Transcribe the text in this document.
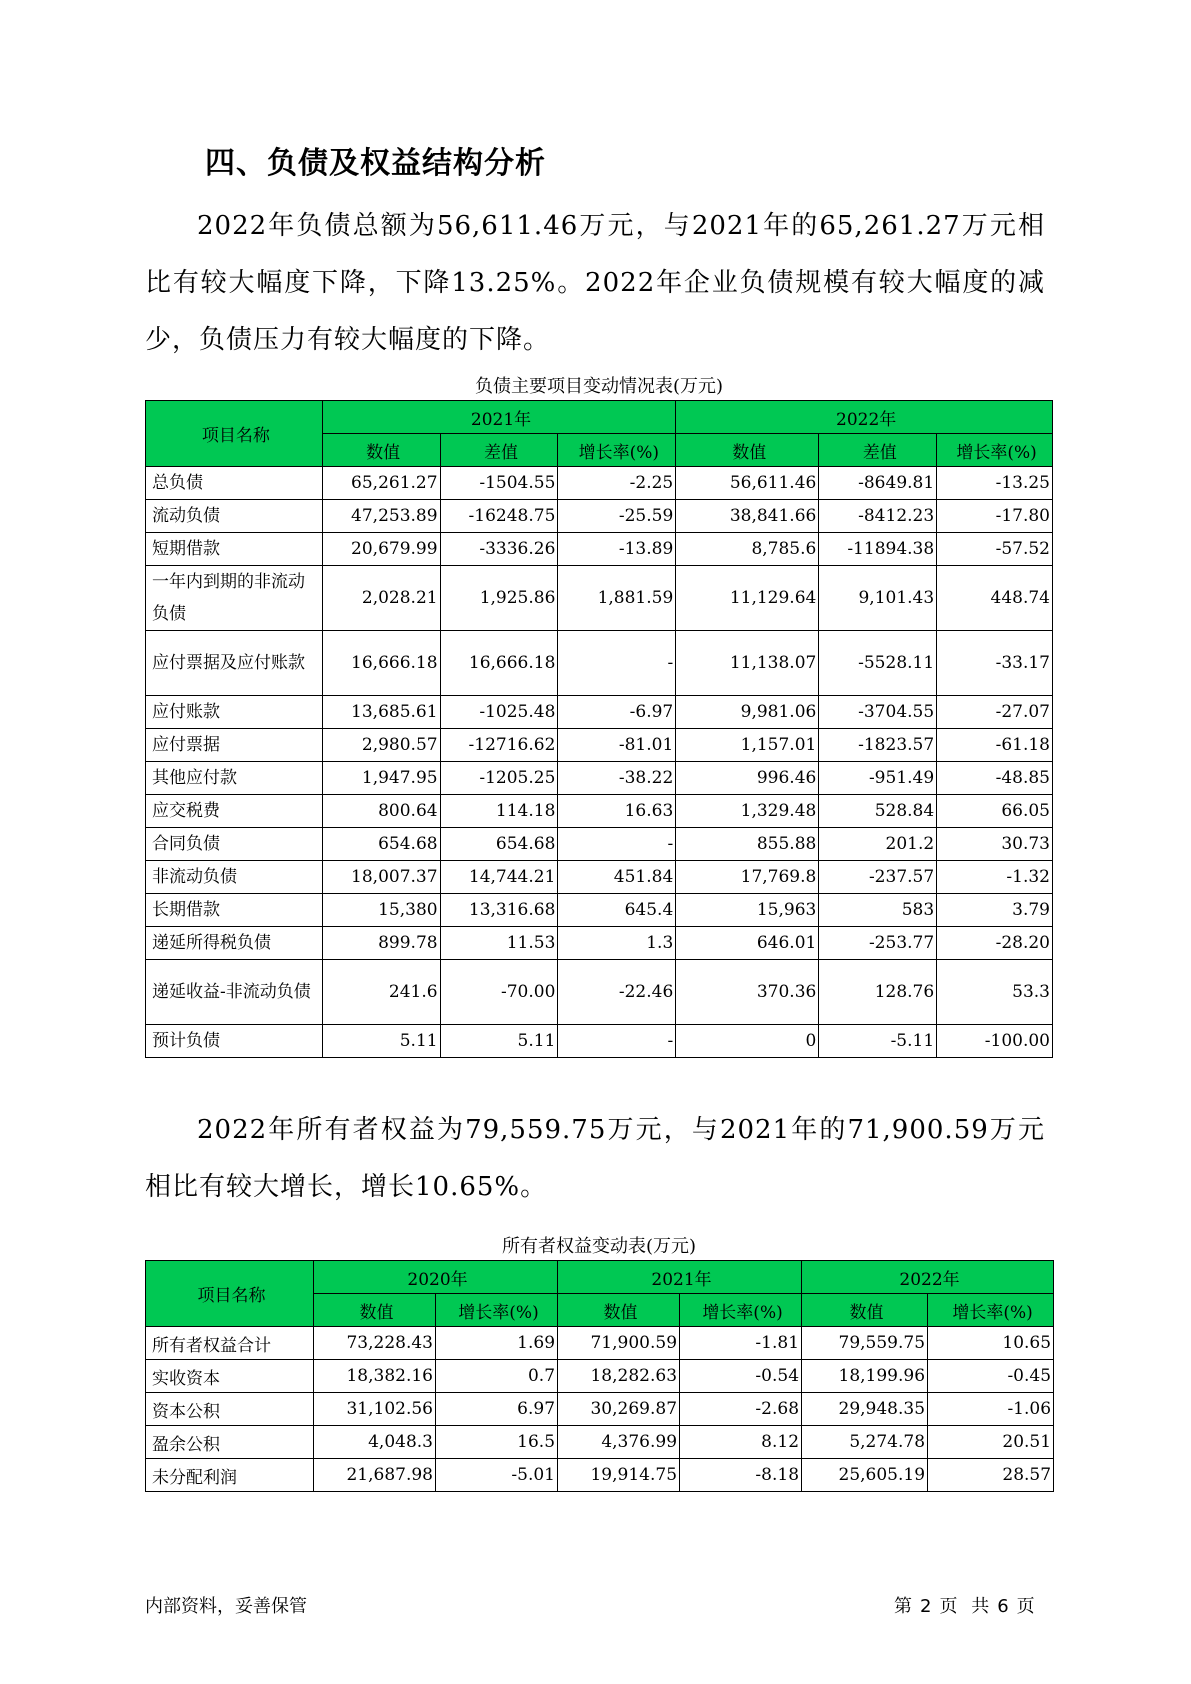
四、负债及权益结构分析

2022年负债总额为56,611.46万元，与2021年的65,261.27万元相比有较大幅度下降，下降13.25%。2022年企业负债规模有较大幅度的减少，负债压力有较大幅度的下降。

负债主要项目变动情况表(万元)
项目名称	2021年			2022年		
	数值	差值	增长率(%)	数值	差值	增长率(%)
总负债	65,261.27	-1504.55	-2.25	56,611.46	-8649.81	-13.25
流动负债	47,253.89	-16248.75	-25.59	38,841.66	-8412.23	-17.80
短期借款	20,679.99	-3336.26	-13.89	8,785.6	-11894.38	-57.52
一年内到期的非流动负债	2,028.21	1,925.86	1,881.59	11,129.64	9,101.43	448.74
应付票据及应付账款	16,666.18	16,666.18	-	11,138.07	-5528.11	-33.17
应付账款	13,685.61	-1025.48	-6.97	9,981.06	-3704.55	-27.07
应付票据	2,980.57	-12716.62	-81.01	1,157.01	-1823.57	-61.18
其他应付款	1,947.95	-1205.25	-38.22	996.46	-951.49	-48.85
应交税费	800.64	114.18	16.63	1,329.48	528.84	66.05
合同负债	654.68	654.68	-	855.88	201.2	30.73
非流动负债	18,007.37	14,744.21	451.84	17,769.8	-237.57	-1.32
长期借款	15,380	13,316.68	645.4	15,963	583	3.79
递延所得税负债	899.78	11.53	1.3	646.01	-253.77	-28.20
递延收益-非流动负债	241.6	-70.00	-22.46	370.36	128.76	53.3
预计负债	5.11	5.11	-	0	-5.11	-100.00

2022年所有者权益为79,559.75万元，与2021年的71,900.59万元相比有较大增长，增长10.65%。

所有者权益变动表(万元)
项目名称	2020年		2021年		2022年	
	数值	增长率(%)	数值	增长率(%)	数值	增长率(%)
所有者权益合计	73,228.43	1.69	71,900.59	-1.81	79,559.75	10.65
实收资本	18,382.16	0.7	18,282.63	-0.54	18,199.96	-0.45
资本公积	31,102.56	6.97	30,269.87	-2.68	29,948.35	-1.06
盈余公积	4,048.3	16.5	4,376.99	8.12	5,274.78	20.51
未分配利润	21,687.98	-5.01	19,914.75	-8.18	25,605.19	28.57
内部资料，妥善保管	第 2 页 共 6 页
